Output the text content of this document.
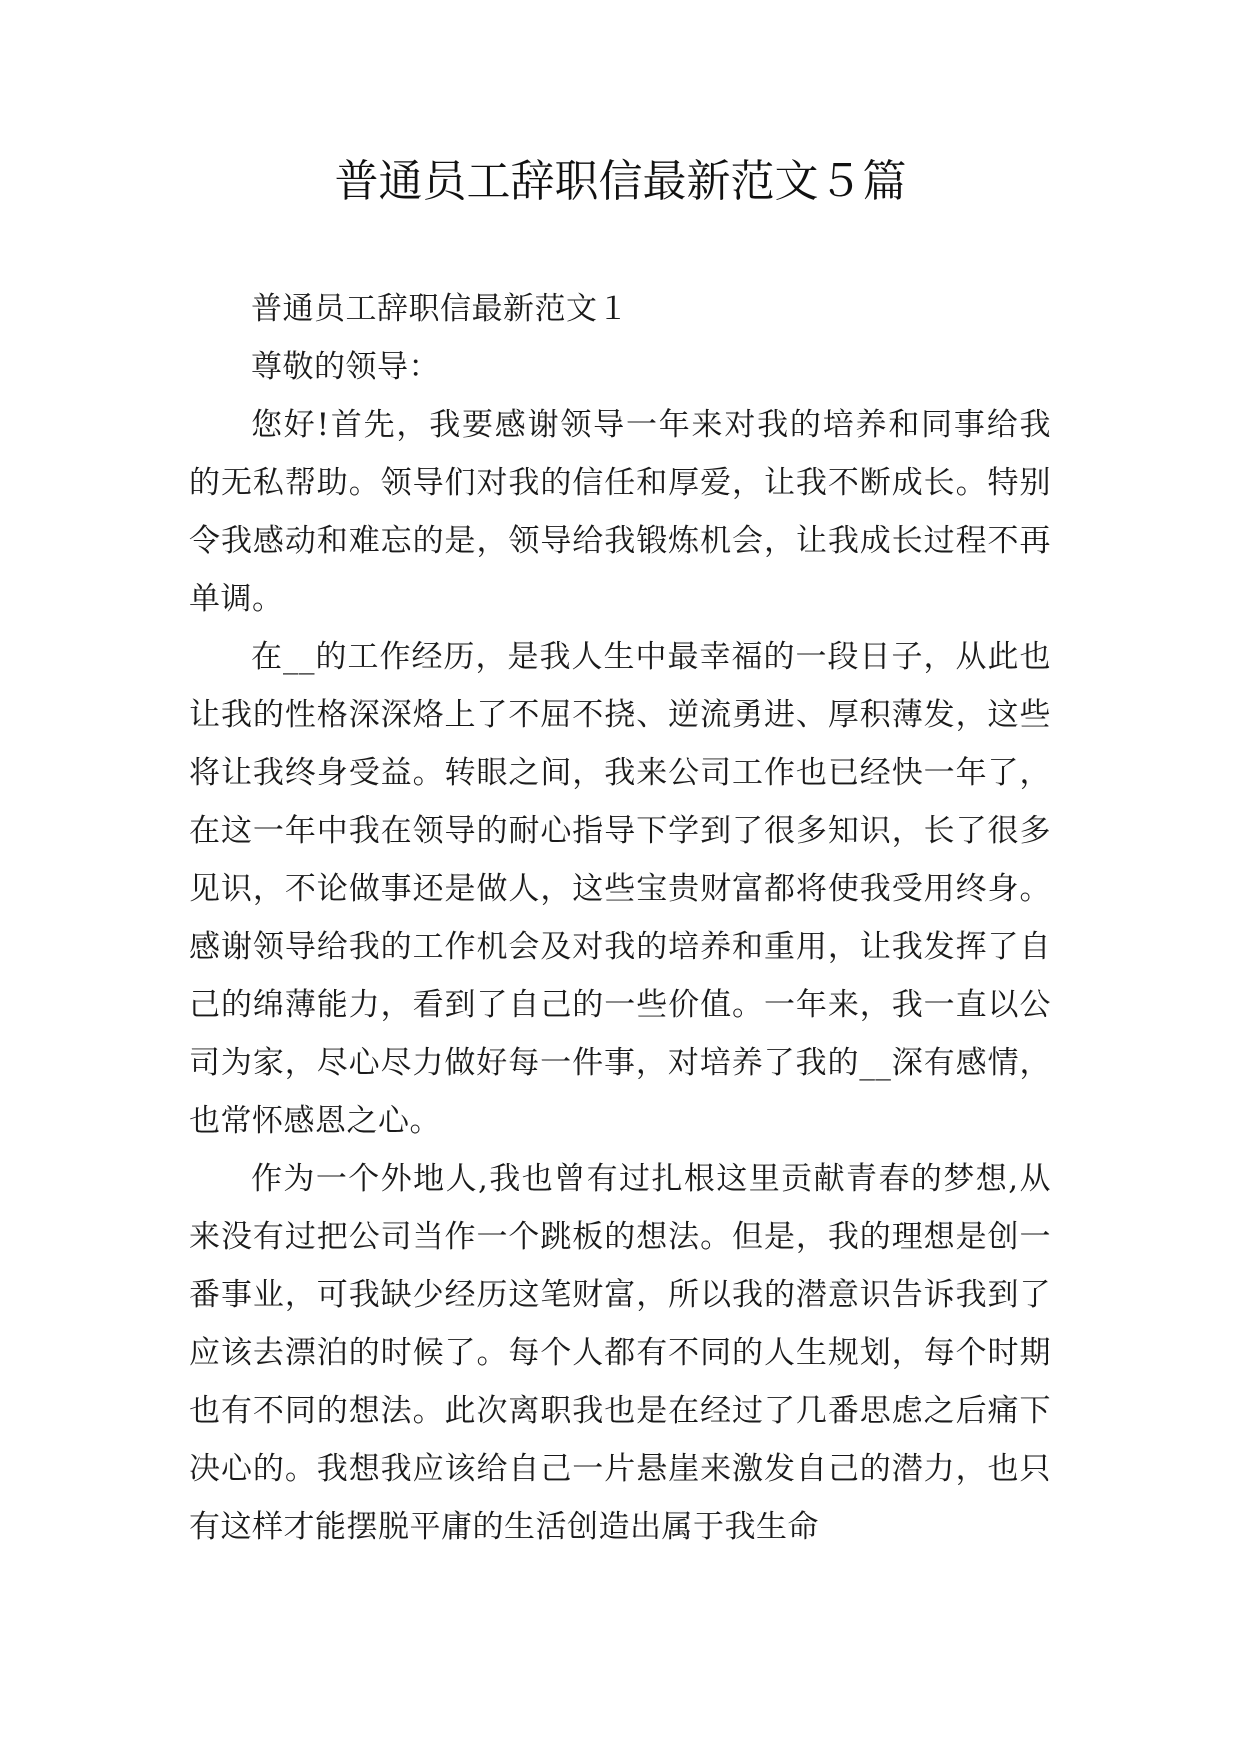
普通员工辞职信最新范文５篇

普通员工辞职信最新范文１

尊敬的领导：

您好!首先，我要感谢领导一年来对我的培养和同事给我的无私帮助。领导们对我的信任和厚爱，让我不断成长。特别令我感动和难忘的是，领导给我锻炼机会，让我成长过程不再单调。

在__的工作经历，是我人生中最幸福的一段日子，从此也让我的性格深深烙上了不屈不挠、逆流勇进、厚积薄发，这些将让我终身受益。转眼之间，我来公司工作也已经快一年了，在这一年中我在领导的耐心指导下学到了很多知识，长了很多见识，不论做事还是做人，这些宝贵财富都将使我受用终身。感谢领导给我的工作机会及对我的培养和重用，让我发挥了自己的绵薄能力，看到了自己的一些价值。一年来，我一直以公司为家，尽心尽力做好每一件事，对培养了我的__深有感情，也常怀感恩之心。

作为一个外地人,我也曾有过扎根这里贡献青春的梦想,从来没有过把公司当作一个跳板的想法。但是，我的理想是创一番事业，可我缺少经历这笔财富，所以我的潜意识告诉我到了应该去漂泊的时候了。每个人都有不同的人生规划，每个时期也有不同的想法。此次离职我也是在经过了几番思虑之后痛下决心的。我想我应该给自己一片悬崖来激发自己的潜力，也只有这样才能摆脱平庸的生活创造出属于我生命
